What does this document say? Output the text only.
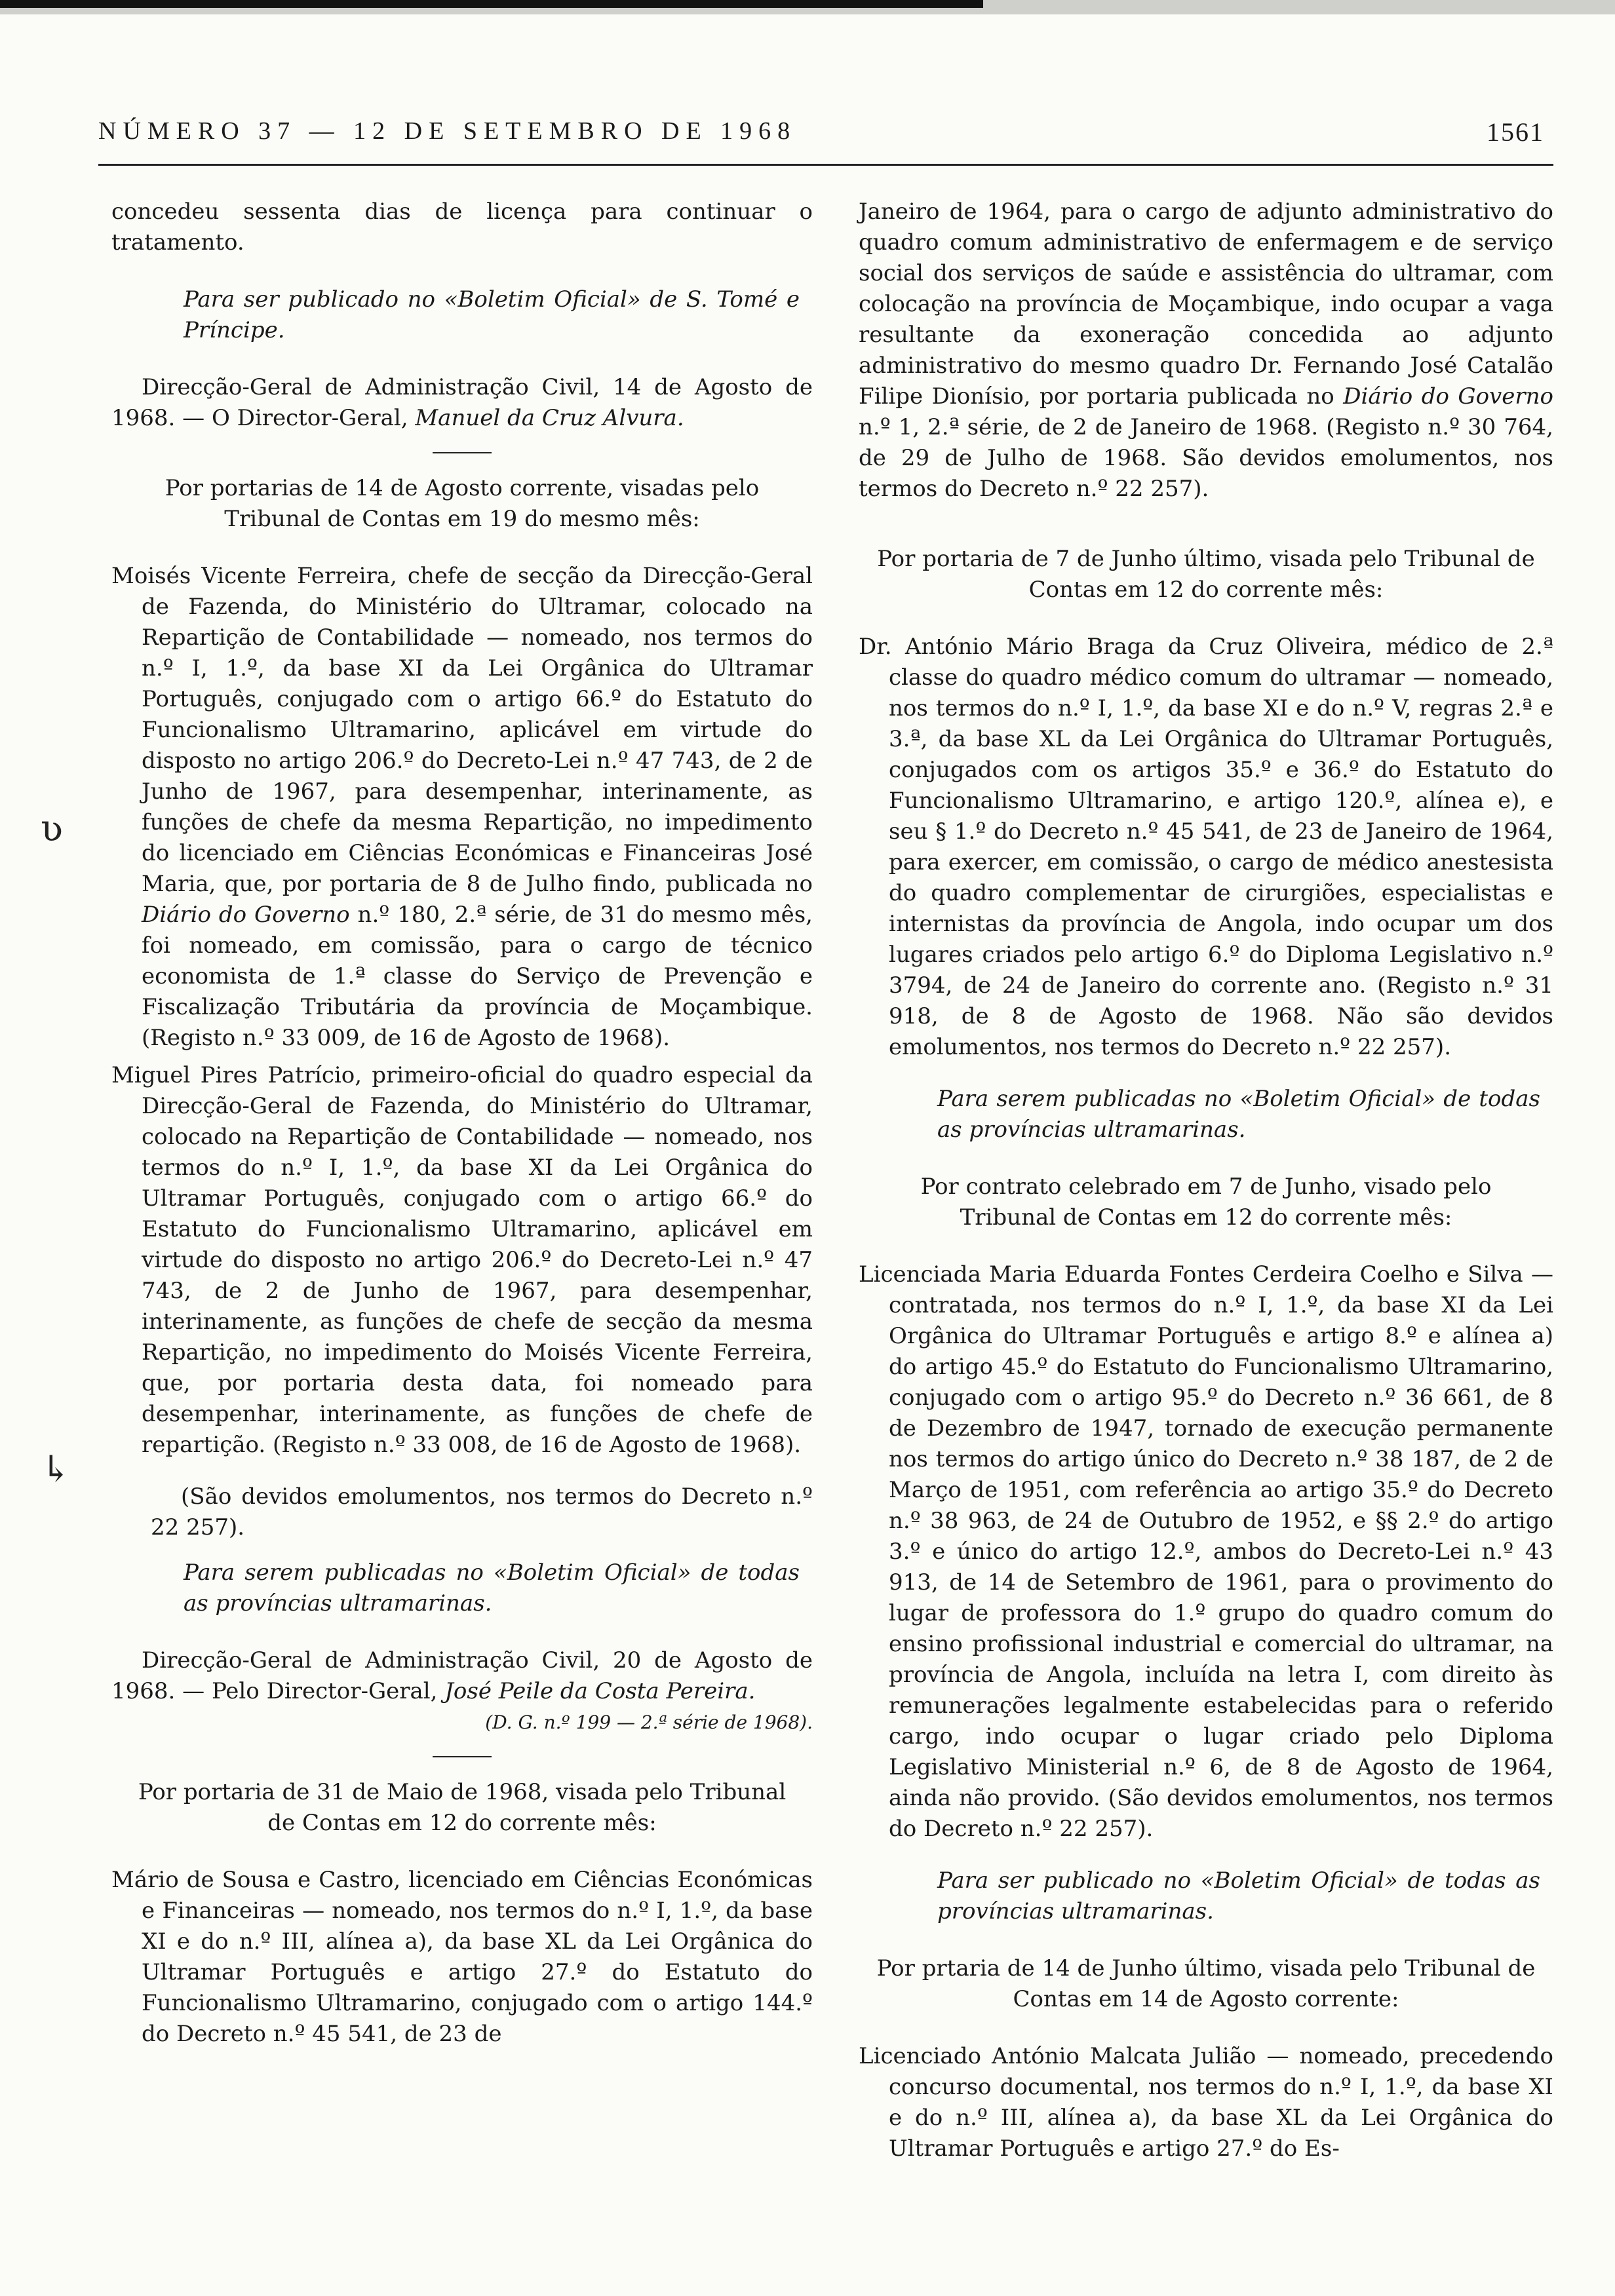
NÚMERO 37 — 12 DE SETEMBRO DE 1968	1561
ʋ
↳

concedeu sessenta dias de licença para continuar o tratamento.

Para ser publicado no «Boletim Oficial» de S. Tomé e Príncipe.

Direcção-Geral de Administração Civil, 14 de Agosto de 1968. — O Director-Geral, Manuel da Cruz Alvura.

Por portarias de 14 de Agosto corrente, visadas pelo Tribunal de Contas em 19 do mesmo mês:

Moisés Vicente Ferreira, chefe de secção da Direcção-Geral de Fazenda, do Ministério do Ultramar, colocado na Repartição de Contabilidade — nomeado, nos termos do n.º I, 1.º, da base XI da Lei Orgânica do Ultramar Português, conjugado com o artigo 66.º do Estatuto do Funcionalismo Ultramarino, aplicável em virtude do disposto no artigo 206.º do Decreto-Lei n.º 47 743, de 2 de Junho de 1967, para desempenhar, interinamente, as funções de chefe da mesma Repartição, no impedimento do licenciado em Ciências Económicas e Financeiras José Maria, que, por portaria de 8 de Julho findo, publicada no Diário do Governo n.º 180, 2.ª série, de 31 do mesmo mês, foi nomeado, em comissão, para o cargo de técnico economista de 1.ª classe do Serviço de Prevenção e Fiscalização Tributária da província de Moçambique. (Registo n.º 33 009, de 16 de Agosto de 1968).

Miguel Pires Patrício, primeiro-oficial do quadro especial da Direcção-Geral de Fazenda, do Ministério do Ultramar, colocado na Repartição de Contabilidade — nomeado, nos termos do n.º I, 1.º, da base XI da Lei Orgânica do Ultramar Português, conjugado com o artigo 66.º do Estatuto do Funcionalismo Ultramarino, aplicável em virtude do disposto no artigo 206.º do Decreto-Lei n.º 47 743, de 2 de Junho de 1967, para desempenhar, interinamente, as funções de chefe de secção da mesma Repartição, no impedimento do Moisés Vicente Ferreira, que, por portaria desta data, foi nomeado para desempenhar, interinamente, as funções de chefe de repartição. (Registo n.º 33 008, de 16 de Agosto de 1968).

(São devidos emolumentos, nos termos do Decreto n.º 22 257).

Para serem publicadas no «Boletim Oficial» de todas as províncias ultramarinas.

Direcção-Geral de Administração Civil, 20 de Agosto de 1968. — Pelo Director-Geral, José Peile da Costa Pereira.

(D. G. n.º 199 — 2.ª série de 1968).

Por portaria de 31 de Maio de 1968, visada pelo Tribunal de Contas em 12 do corrente mês:

Mário de Sousa e Castro, licenciado em Ciências Económicas e Financeiras — nomeado, nos termos do n.º I, 1.º, da base XI e do n.º III, alínea a), da base XL da Lei Orgânica do Ultramar Português e artigo 27.º do Estatuto do Funcionalismo Ultramarino, conjugado com o artigo 144.º do Decreto n.º 45 541, de 23 de

Janeiro de 1964, para o cargo de adjunto administrativo do quadro comum administrativo de enfermagem e de serviço social dos serviços de saúde e assistência do ultramar, com colocação na província de Moçambique, indo ocupar a vaga resultante da exoneração concedida ao adjunto administrativo do mesmo quadro Dr. Fernando José Catalão Filipe Dionísio, por portaria publicada no Diário do Governo n.º 1, 2.ª série, de 2 de Janeiro de 1968. (Registo n.º 30 764, de 29 de Julho de 1968. São devidos emolumentos, nos termos do Decreto n.º 22 257).

Por portaria de 7 de Junho último, visada pelo Tribunal de Contas em 12 do corrente mês:

Dr. António Mário Braga da Cruz Oliveira, médico de 2.ª classe do quadro médico comum do ultramar — nomeado, nos termos do n.º I, 1.º, da base XI e do n.º V, regras 2.ª e 3.ª, da base XL da Lei Orgânica do Ultramar Português, conjugados com os artigos 35.º e 36.º do Estatuto do Funcionalismo Ultramarino, e artigo 120.º, alínea e), e seu § 1.º do Decreto n.º 45 541, de 23 de Janeiro de 1964, para exercer, em comissão, o cargo de médico anestesista do quadro complementar de cirurgiões, especialistas e internistas da província de Angola, indo ocupar um dos lugares criados pelo artigo 6.º do Diploma Legislativo n.º 3794, de 24 de Janeiro do corrente ano. (Registo n.º 31 918, de 8 de Agosto de 1968. Não são devidos emolumentos, nos termos do Decreto n.º 22 257).

Para serem publicadas no «Boletim Oficial» de todas as províncias ultramarinas.

Por contrato celebrado em 7 de Junho, visado pelo Tribunal de Contas em 12 do corrente mês:

Licenciada Maria Eduarda Fontes Cerdeira Coelho e Silva — contratada, nos termos do n.º I, 1.º, da base XI da Lei Orgânica do Ultramar Português e artigo 8.º e alínea a) do artigo 45.º do Estatuto do Funcionalismo Ultramarino, conjugado com o artigo 95.º do Decreto n.º 36 661, de 8 de Dezembro de 1947, tornado de execução permanente nos termos do artigo único do Decreto n.º 38 187, de 2 de Março de 1951, com referência ao artigo 35.º do Decreto n.º 38 963, de 24 de Outubro de 1952, e §§ 2.º do artigo 3.º e único do artigo 12.º, ambos do Decreto-Lei n.º 43 913, de 14 de Setembro de 1961, para o provimento do lugar de professora do 1.º grupo do quadro comum do ensino profissional industrial e comercial do ultramar, na província de Angola, incluída na letra I, com direito às remunerações legalmente estabelecidas para o referido cargo, indo ocupar o lugar criado pelo Diploma Legislativo Ministerial n.º 6, de 8 de Agosto de 1964, ainda não provido. (São devidos emolumentos, nos termos do Decreto n.º 22 257).

Para ser publicado no «Boletim Oficial» de todas as províncias ultramarinas.

Por prtaria de 14 de Junho último, visada pelo Tribunal de Contas em 14 de Agosto corrente:

Licenciado António Malcata Julião — nomeado, precedendo concurso documental, nos termos do n.º I, 1.º, da base XI e do n.º III, alínea a), da base XL da Lei Orgânica do Ultramar Português e artigo 27.º do Es-
